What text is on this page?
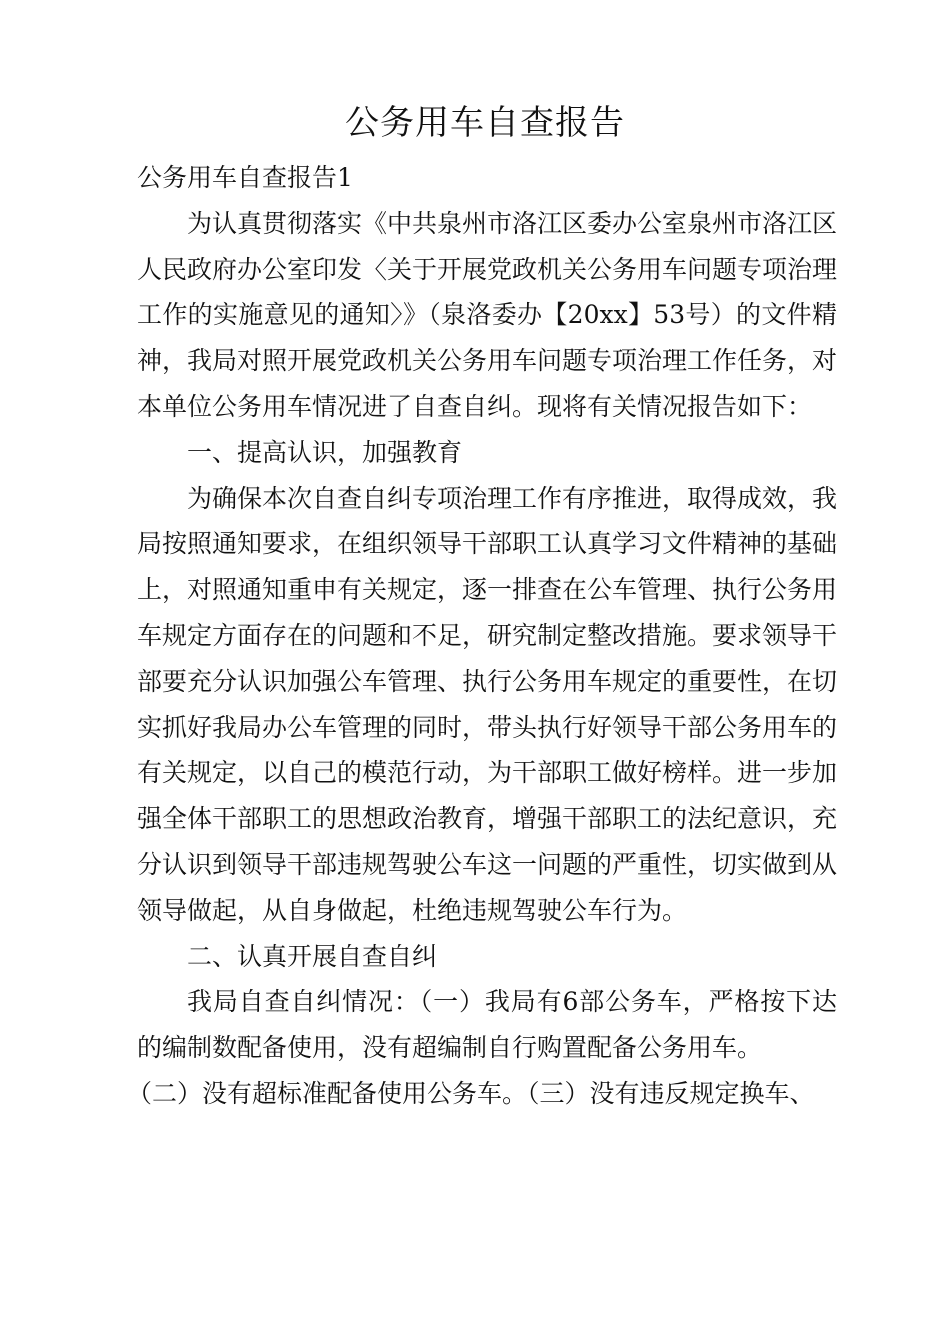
公务用车自查报告

公务用车自查报告1

为认真贯彻落实《中共泉州市洛江区委办公室泉州市洛江区人民政府办公室印发〈关于开展党政机关公务用车问题专项治理工作的实施意见的通知〉》（泉洛委办【20xx】53号）的文件精神，我局对照开展党政机关公务用车问题专项治理工作任务，对本单位公务用车情况进了自查自纠。现将有关情况报告如下：

一、提高认识，加强教育

为确保本次自查自纠专项治理工作有序推进，取得成效，我局按照通知要求，在组织领导干部职工认真学习文件精神的基础上，对照通知重申有关规定，逐一排查在公车管理、执行公务用车规定方面存在的问题和不足，研究制定整改措施。要求领导干部要充分认识加强公车管理、执行公务用车规定的重要性，在切实抓好我局办公车管理的同时，带头执行好领导干部公务用车的有关规定，以自己的模范行动，为干部职工做好榜样。进一步加强全体干部职工的思想政治教育，增强干部职工的法纪意识，充分认识到领导干部违规驾驶公车这一问题的严重性，切实做到从领导做起，从自身做起，杜绝违规驾驶公车行为。

二、认真开展自查自纠

我局自查自纠情况：（一）我局有6部公务车，严格按下达的编制数配备使用，没有超编制自行购置配备公务用车。

（二）没有超标准配备使用公务车。（三）没有违反规定换车、
